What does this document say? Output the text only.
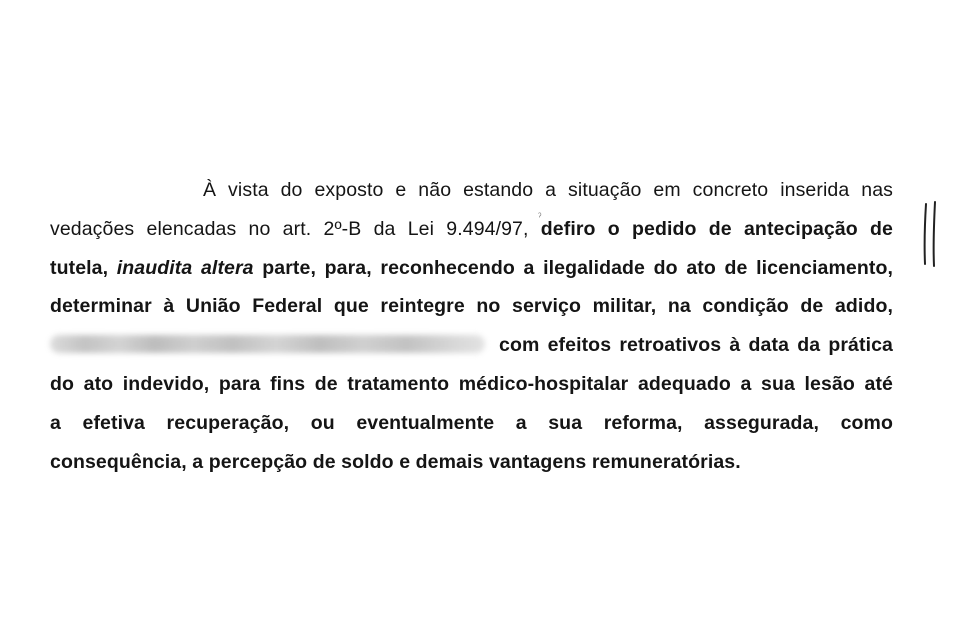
À vista do exposto e não estando a situação em concreto inserida nas
vedações elencadas no art. 2º-B da Lei 9.494/97, defiro o pedido de antecipação de
ˀ
tutela, inaudita altera parte, para, reconhecendo a ilegalidade do ato de licenciamento,
determinar à União Federal que reintegre no serviço militar, na condição de adido,
com efeitos retroativos à data da prática
do ato indevido, para fins de tratamento médico-hospitalar adequado a sua lesão até
a efetiva recuperação, ou eventualmente a sua reforma, assegurada, como
consequência, a percepção de soldo e demais vantagens remuneratórias.
